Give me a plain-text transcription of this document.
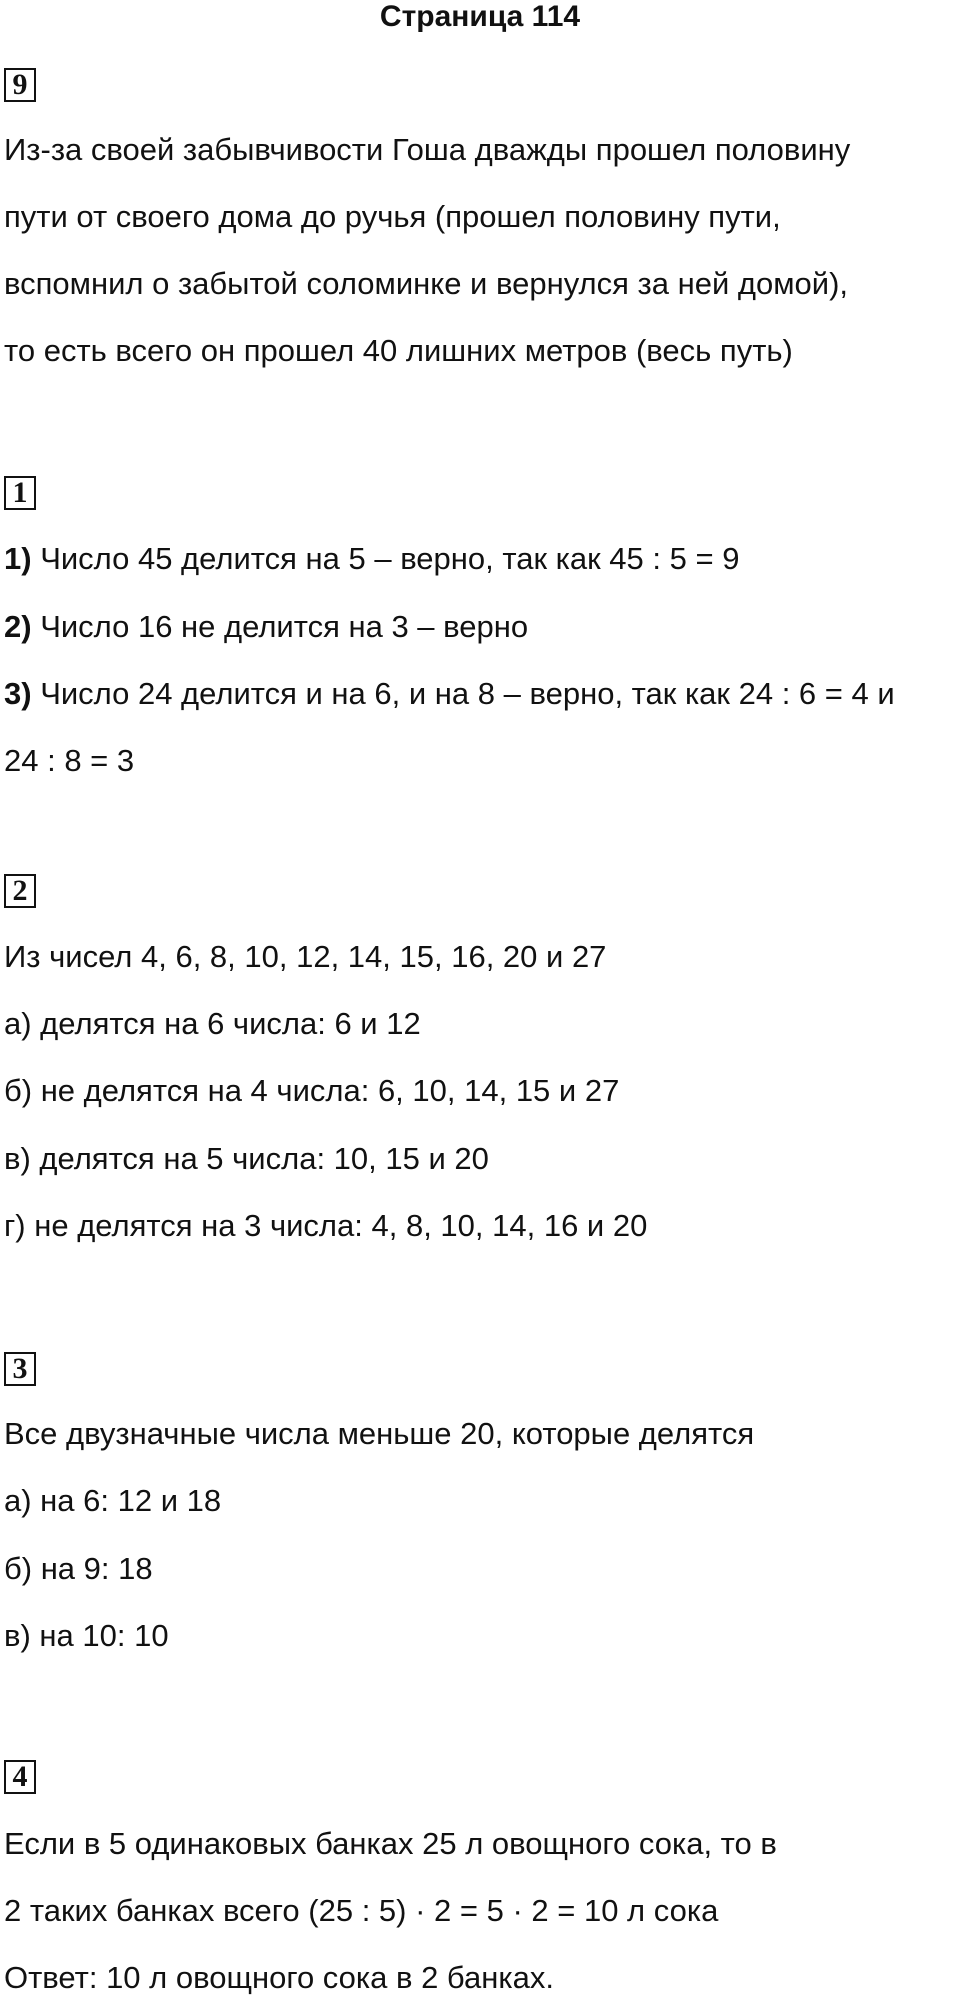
Страница 114
9
Из-за своей забывчивости Гоша дважды прошел половину
пути от своего дома до ручья (прошел половину пути,
вспомнил о забытой соломинке и вернулся за ней домой),
то есть всего он прошел 40 лишних метров (весь путь)
1
1) Число 45 делится на 5 – верно, так как 45 : 5 = 9
2) Число 16 не делится на 3 – верно
3) Число 24 делится и на 6, и на 8 – верно, так как 24 : 6 = 4 и
24 : 8 = 3
2
Из чисел 4, 6, 8, 10, 12, 14, 15, 16, 20 и 27
а) делятся на 6 числа: 6 и 12
б) не делятся на 4 числа: 6, 10, 14, 15 и 27
в) делятся на 5 числа: 10, 15 и 20
г) не делятся на 3 числа: 4, 8, 10, 14, 16 и 20
3
Все двузначные числа меньше 20, которые делятся
а) на 6: 12 и 18
б) на 9: 18
в) на 10: 10
4
Если в 5 одинаковых банках 25 л овощного сока, то в
2 таких банках всего (25 : 5) · 2 = 5 · 2 = 10 л сока
Ответ: 10 л овощного сока в 2 банках.
